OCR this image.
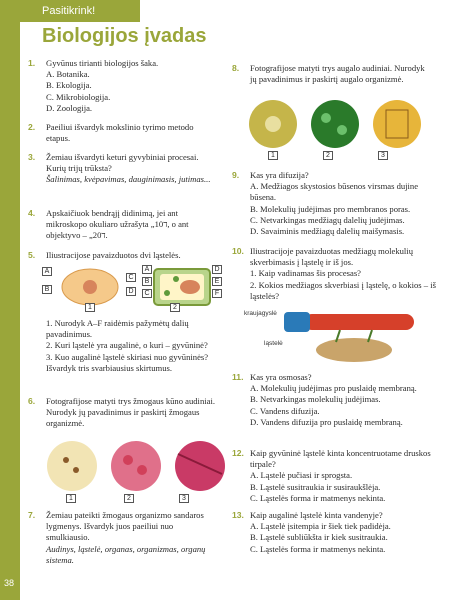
38
Pasitikrink!
Biologijos įvadas
1. Gyvūnus tirianti biologijos šaka.
A. Botanika.
B. Ekologija.
C. Mikrobiologija.
D. Zoologija.
2.	Paeiliui išvardyk mokslinio tyrimo metodo etapus.
3. Žemiau išvardyti keturi gyvybiniai procesai. Kurių trijų trūksta?
Šalinimas, kvėpavimas, dauginimasis, jutimas...
4.	Apskaičiuok bendrąjį didinimą, jei ant mikroskopo okuliaro užrašyta „10ד, o ant objektyvo – „20ד.
5.	Iliustracijose pavaizduotos dvi ląstelės.
A
B
C
D
A
B
C
D
E
F
1	2
1. Nurodyk A–F raidėmis pažymėtų dalių pavadinimus.
2. Kuri ląstelė yra augalinė, o kuri – gyvūninė?
3. Kuo augalinė ląstelė skiriasi nuo gyvūninės? Išvardyk tris svarbiausius skirtumus.
6.	Fotografijose matyti trys žmogaus kūno audiniai. Nurodyk jų pavadinimus ir paskirtį žmogaus organizmė.
1	2	3
7. Žemiau pateikti žmogaus organizmo sandaros lygmenys. Išvardyk juos paeiliui nuo smulkiausio.
Audinys, ląstelė, organas, organizmas, organų sistemа.
8.	Fotografijose matyti trys augalo audiniai. Nurodyk jų pavadinimus ir paskirtį augalo organizmė.
1	2	3
9. Kas yra difuzija?
A. Medžiagos skystosios būsenos virsmas dujine būsena.
B. Molekulių judėjimas pro membranos poras.
C. Netvarkingas medžiagų dalelių judėjimas.
D. Savaiminis medžiagų dalelių maišymasis.
10. Iliustracijoje pavaizduotas medžiagų molekulių skverbimasis į ląstelę ir iš jos.
1. Kaip vadinamas šis procesas?
2. Kokios medžiagos skverbiasi į ląstelę, o kokios – iš ląstelės?
kraujagyslė
ląstelė
11. Kas yra osmosas?
A. Molekulių judėjimas pro puslaidę membraną.
B. Netvarkingas molekulių judėjimas.
C. Vandens difuzija.
D. Vandens difuzija pro puslaidę membraną.
12. Kaip gyvūninė ląstelė kinta koncentruotame druskos tirpale?
A. Ląstelė pučiasi ir sprogsta.
B. Ląstelė susitraukia ir susiraukšlėja.
C. Ląstelės forma ir matmenys nekinta.
13. Kaip augalinė ląstelė kinta vandenyje?
A. Ląstelė įsitempia ir šiek tiek padidėja.
B. Ląstelė subliūkšta ir kiek susitraukia.
C. Ląstelės forma ir matmenys nekinta.
